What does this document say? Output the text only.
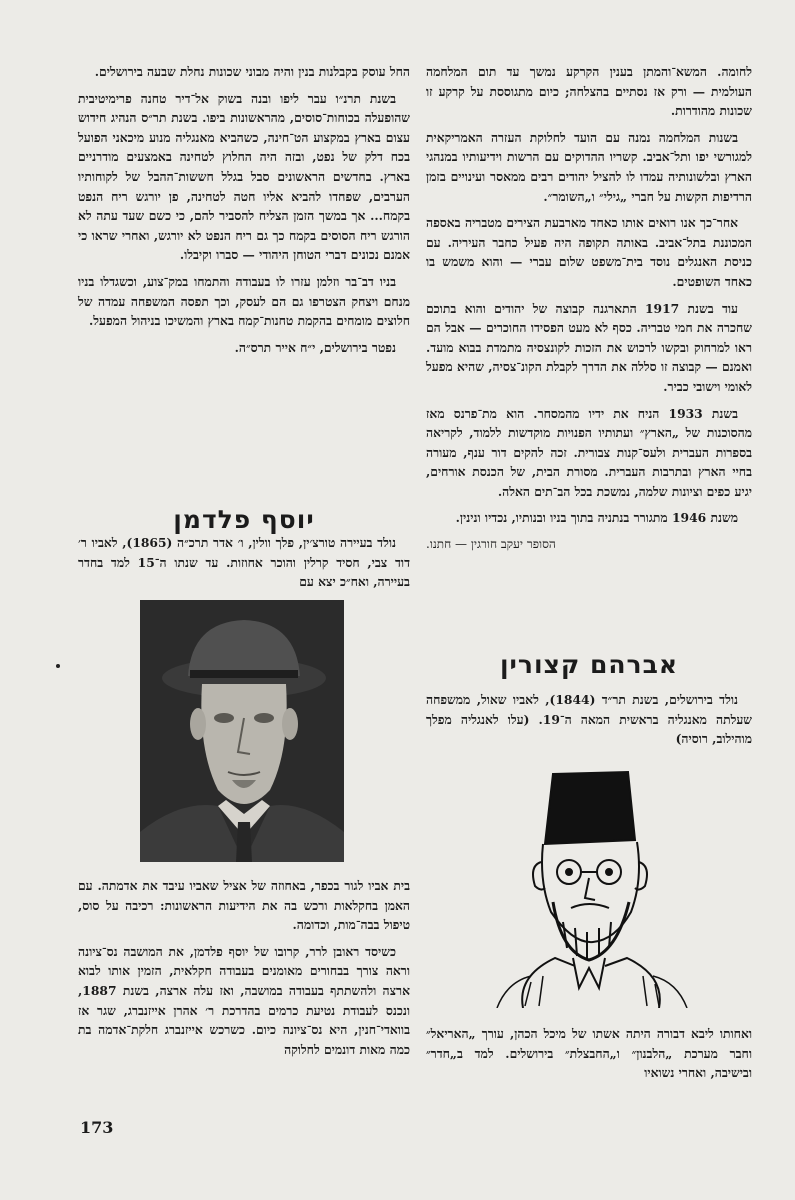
לחומה. המשא־והמתן בענין הקרקע נמשך עד תום המלחמה העולמית — ורק אז נסתיים בהצלחה; כיום מתגוססת על קרקע זו שכונות מהודרות.

בשנות המלחמה נמנה עם הועד לחלוקת העזרה האמריקאית למגורשי יפו ותל־אביב. קשריו ההדוקים עם הרשות וידיעותיו במנהגי הארץ ובלשונותיה עמדו לו להציל יהודים רבים ממאסר ועינויים בזמן הרדיפות הקשות על חברי „גילי״ ו„השומר״.

אחר־כך אנו רואים אותו כאחד מארבעת הצירים מטבריה באספה המכוננת בתל־אביב. באותה תקופה היה פעיל כחבר העיריה. עם כניסת האנגלים נוסד בית־משפט שלום עברי — והוא משמש בו כאחד השופטים.

עוד בשנת 1917 התארגנה קבוצה של יהודים והוא בתוכם שחכרה את חמי טבריה. כסף לא מעט הפסידו החוכרים — אבל הם ראו למרחוק ובקשו לרכוש את הזכות לקונצסיה מתמדת בבוא מועד. ואמנם — קבוצה זו סללה את הדרך לקבלת הקונ־צסיה, שהיא מפעל לאומי וישובי כביר.

בשנת 1933 הניח את ידיו מהמסחר. הוא מת־פרנס מאז מהסוכנות של „הארץ״ ועתותיו הפנויות מוקדשות ללמוד, לקריאה בספרות העברית ולעס־קנות צבורית. זכה להקים דור ענף, מעורה בחיי הארץ ובתרבות העברית. מסורת הבית, של הכנסת אורחים, יגיע כפים וציונות שלמה, נמשכת בכל הב־תים האלה.

משנת 1946 מתגורר בנתניה בתוך בניו ובנותיו, נכדיו ונינין.

הסופר יעקב חורגין — חתנו.

אברהם קצורין

נולד בירושלים, בשנת תר״ד (1844), לאביו שאול, ממשפחה שעלתה מאנגליה בראשית המאה ה־19. (עלו לאנגליה מפלך מוהילוב, רוסיה)

ואחותו ליבא דבורה היתה אשתו של מיכל הכהן, עורך „האריאל״ וחבר מערכת „הלבנון״ ו„החבצלת״ בירושלים. למד ב„חדר״ ובישיבה, ואחרי נשואיו

החל עוסק בקבלנות בנין והיה מבוני שכונות נחלת שבעה בירושלים.

בשנת תרנ״ו עבר ליפו ובנה בשוק אל־דיר טחנה פרימיטיבית שהופעלה בכוחות־סוסים, מהראשונות ביפו. בשנת תר״ס הנהיג חידוש עצום בארץ במקצוע הט־חינה, כשהביא מאנגליה מנוע מיכאני הפועל בכח דלק של נפט, ובזה היה החלוץ לטחינה באמצעים מודרניים בארץ. בחדשים הראשונים סבל בגלל חששות־ההבל של לקוחותיו הערבים, שפחדו להביא אליו חטה לטחינה, פן יורגש ריח הנפט בקמח... אך במשך הזמן הצליח להסביר להם, כי כשם שעד עתה לא הורגש ריח הסוסים בקמח כך גם ריח הנפט לא יורגש, ואחרי שראו כי אמנם נכונים דברי הטוחן היהודי — סברו וקיבלו.

בניו דב־בר וזלמן עזרו לו בעבודה והתמחו במק־צוע, וכשגדלו בניו מנחם ויצחק הצטרפו גם הם לעסק, וכך תפסה המשפחה עמדה של חלוצים מומחים בהקמת טחנות־קמח בארץ והמשיכו בניהול המפעל.

נפטר בירושלים, י״ח אייר תרס״ה.

יוסף פלדמן

נולד בעיירה טורצ׳ין, פלך וולין, ו׳ אדר תרכ״ה (1865), לאביו ר׳ דוד צבי, חסיד קרלין והוכר אחוזות. עד שנתו ה־15 למד בחדר בעיירה, ואח״כ יצא עם

בית אביו לגור בכפר, באחוזה של אציל שאביו עיבד את אדמתה. עם האמן בחקלאות ורכש בה את הידיעות הראשונות: רכיבה על סוס, טיפול בבה־מות, וכדומה.

כשיסד ראובן לרר, קרובו של יוסף פלדמן, את המושבה נס־ציונה וראה צורך בבחורים מאומנים בעבודה חקלאית, הזמין אותו לבוא ארצה ולהשתתף בעבודה במושבה, ואז עלה ארצה, בשנת 1887, ונכנס לעבודת נטיעת כרמים בהדרכת ר׳ אהרן אייזנברג, שגר אז בוואדי־חנין, היא נס־ציונה כיום. כשרכש אייזנברג חלקת־אדמה בת כמה מאות דונמים לחלוקה

173
